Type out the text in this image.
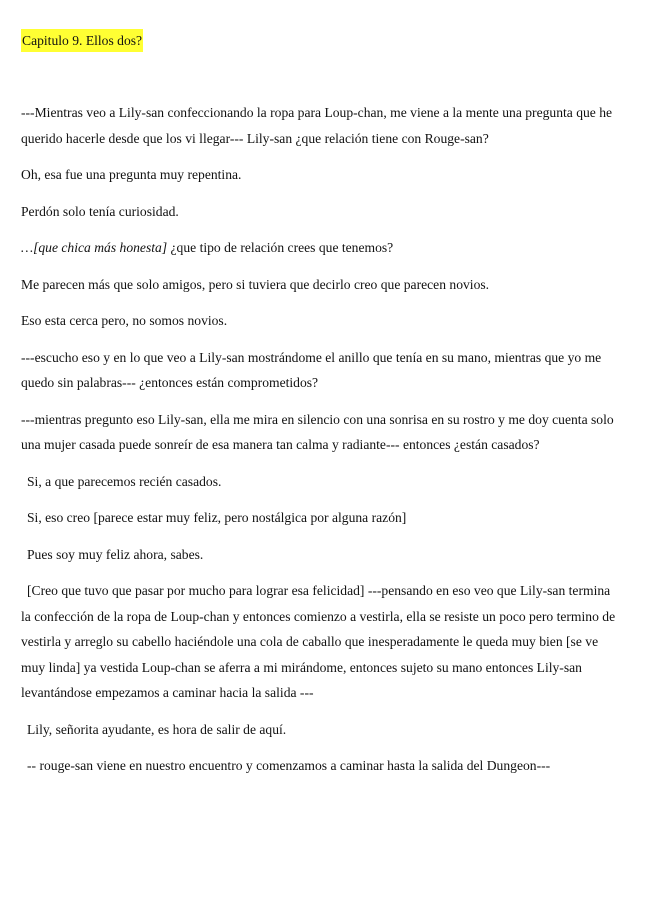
Capitulo 9. Ellos dos?

---Mientras veo a Lily-san confeccionando la ropa para Loup-chan, me viene a la mente una pregunta que he querido hacerle desde que los vi llegar--- Lily-san ¿que relación tiene con Rouge-san?

Oh, esa fue una pregunta muy repentina.

Perdón solo tenía curiosidad.

…[que chica más honesta] ¿que tipo de relación crees que tenemos?

Me parecen más que solo amigos, pero si tuviera que decirlo creo que parecen novios.

Eso esta cerca pero, no somos novios.

---escucho eso y en lo que veo a Lily-san mostrándome el anillo que tenía en su mano, mientras que yo me quedo sin palabras--- ¿entonces están comprometidos?

---mientras pregunto eso Lily-san, ella me mira en silencio con una sonrisa en su rostro y me doy cuenta solo una mujer casada puede sonreír de esa manera tan calma y radiante--- entonces ¿están casados?

Si, a que parecemos recién casados.

Si, eso creo [parece estar muy feliz, pero nostálgica por alguna razón]

Pues soy muy feliz ahora, sabes.

[Creo que tuvo que pasar por mucho para lograr esa felicidad] ---pensando en eso veo que Lily-san termina la confección de la ropa de Loup-chan y entonces comienzo a vestirla, ella se resiste un poco pero termino de vestirla y arreglo su cabello haciéndole una cola de caballo que inesperadamente le queda muy bien [se ve muy linda] ya vestida Loup-chan se aferra a mi mirándome, entonces sujeto su mano entonces Lily-san levantándose empezamos a caminar hacia la salida ---

Lily, señorita ayudante, es hora de salir de aquí.

-- rouge-san viene en nuestro encuentro y comenzamos a caminar hasta la salida del Dungeon---
